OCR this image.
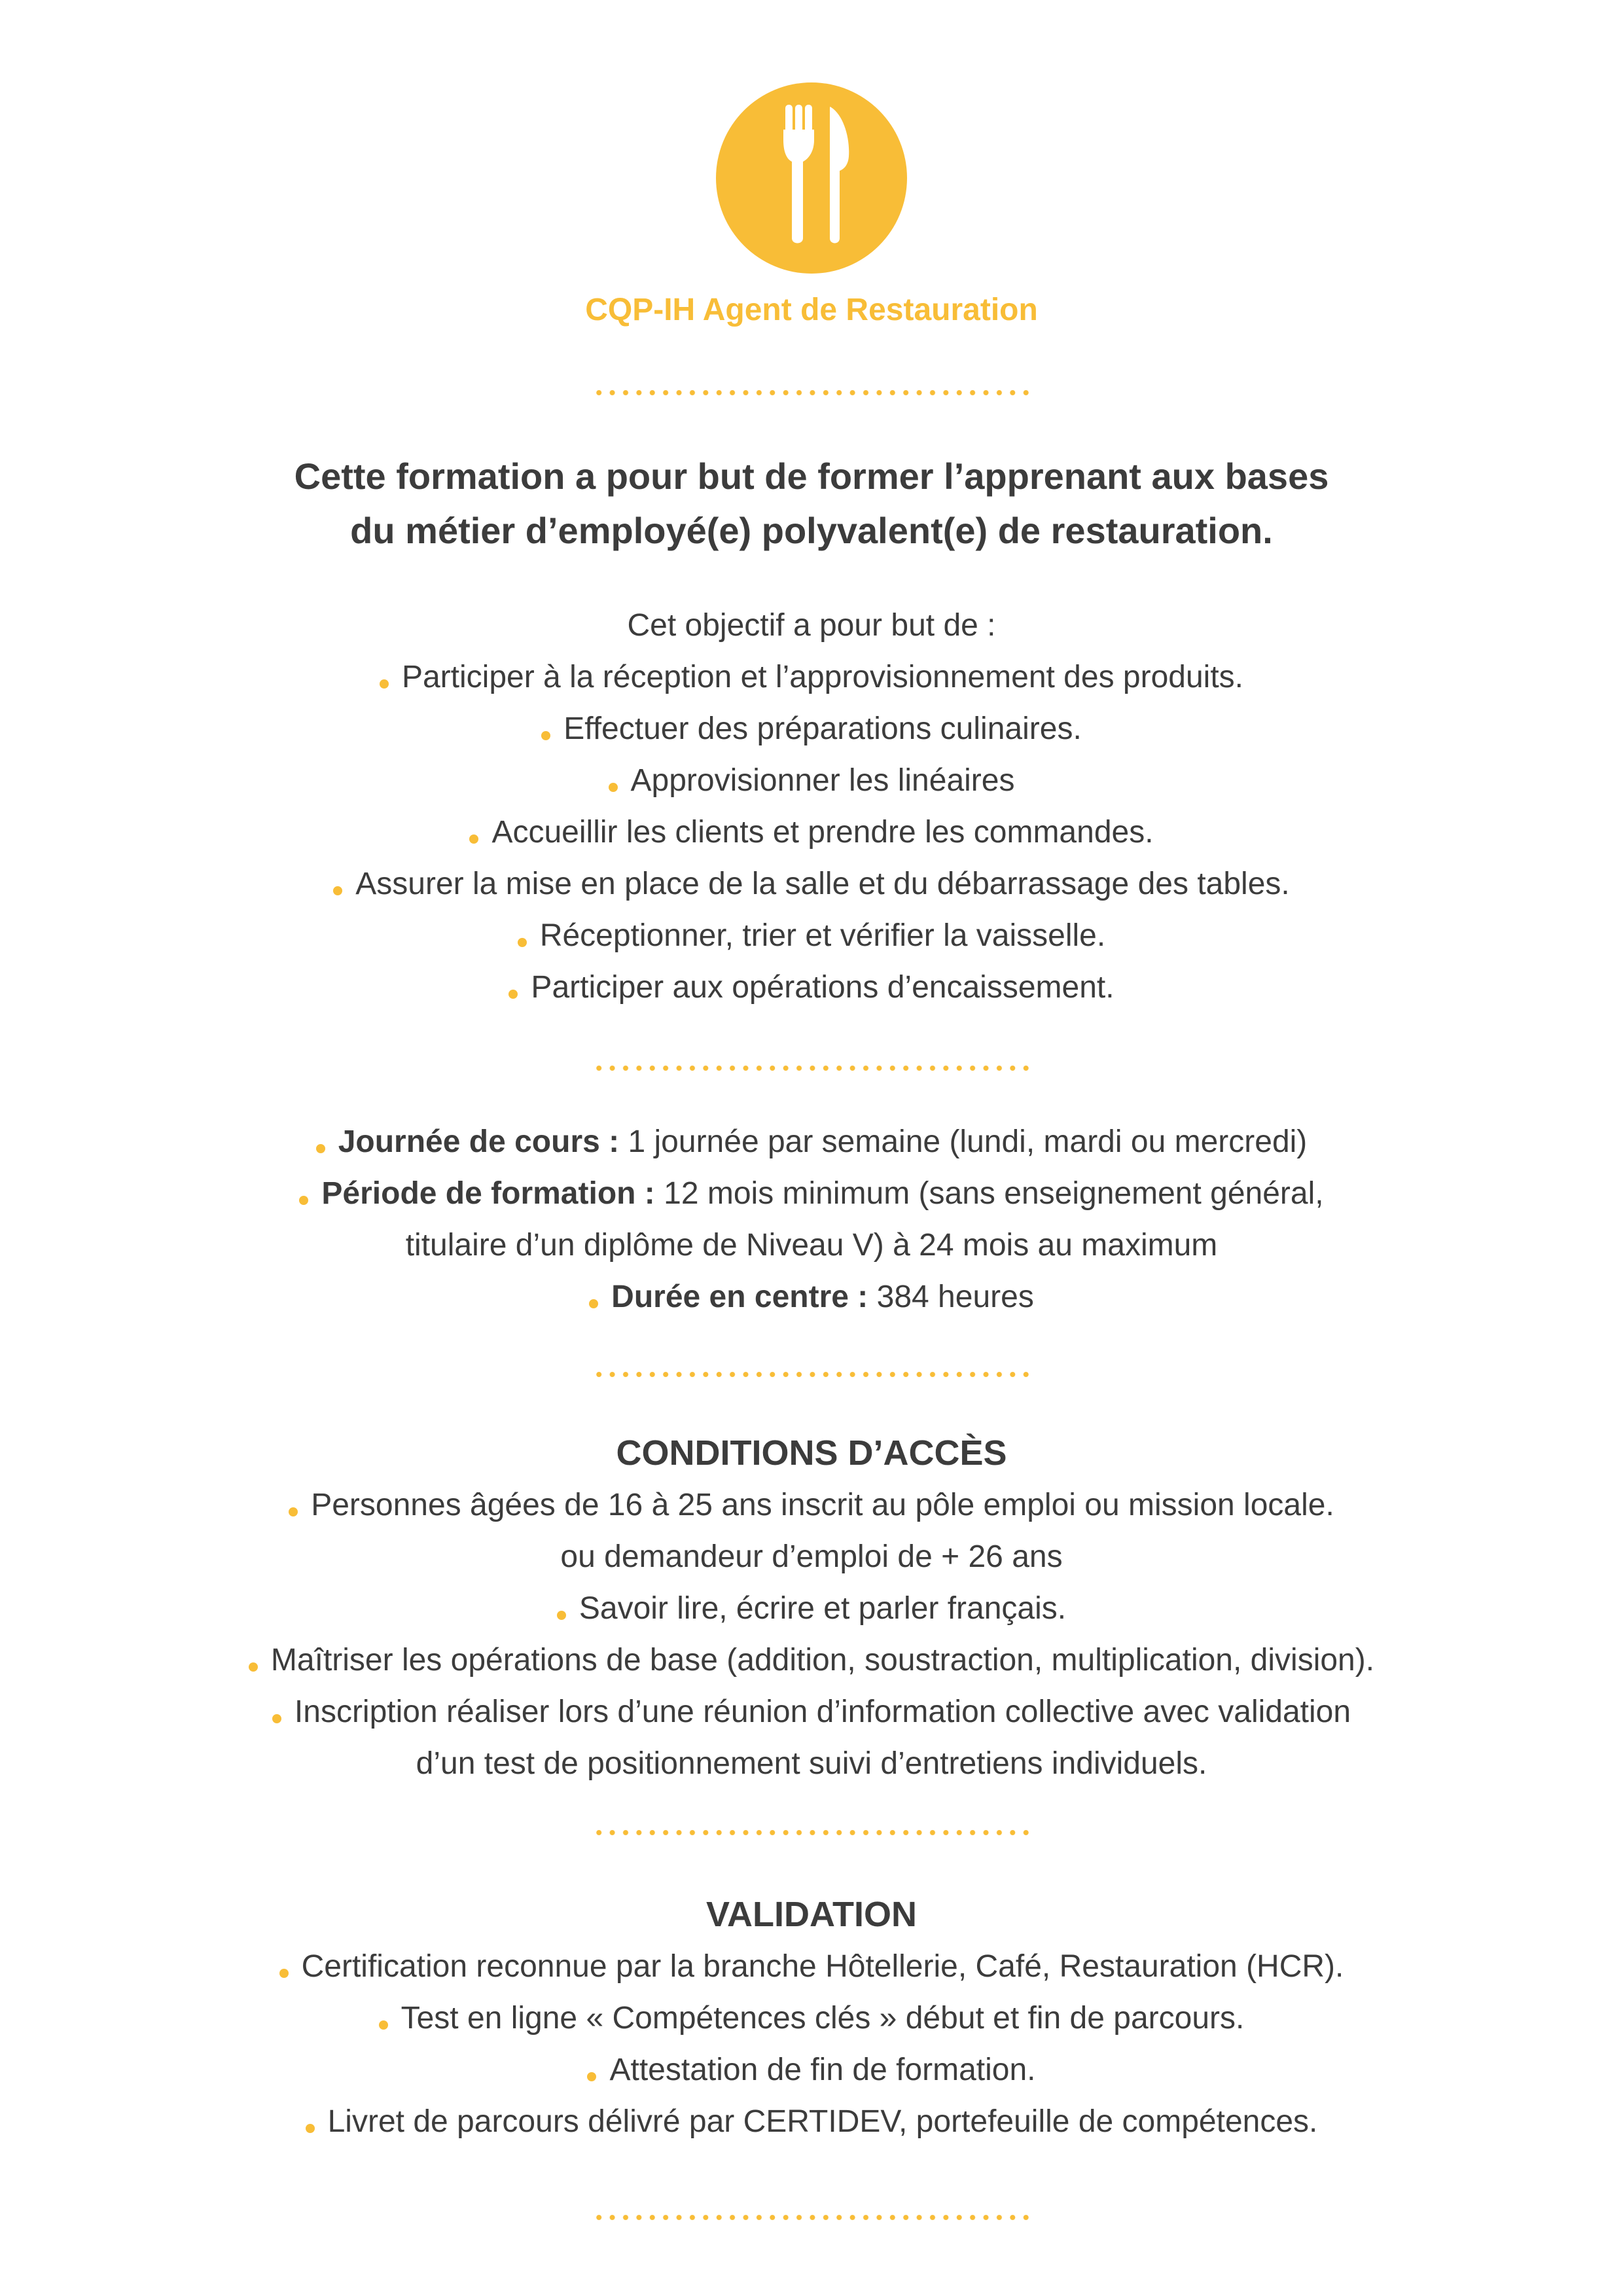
CQP-IH Agent de Restauration
Cette formation a pour but de former l’apprenant aux bases
du métier d’employé(e) polyvalent(e) de restauration.
Cet objectif a pour but de :
Participer à la réception et l’approvisionnement des produits.
Effectuer des préparations culinaires.
Approvisionner les linéaires
Accueillir les clients et prendre les commandes.
Assurer la mise en place de la salle et du débarrassage des tables.
Réceptionner, trier et vérifier la vaisselle.
Participer aux opérations d’encaissement.
Journée de cours : 1 journée par semaine (lundi, mardi ou mercredi)
Période de formation : 12 mois minimum (sans enseignement général,
titulaire d’un diplôme de Niveau V) à 24 mois au maximum
Durée en centre : 384 heures
CONDITIONS D’ACCÈS
Personnes âgées de 16 à 25 ans inscrit au pôle emploi ou mission locale.
ou demandeur d’emploi de + 26 ans
Savoir lire, écrire et parler français.
Maîtriser les opérations de base (addition, soustraction, multiplication, division).
Inscription réaliser lors d’une réunion d’information collective avec validation
d’un test de positionnement suivi d’entretiens individuels.
VALIDATION
Certification reconnue par la branche Hôtellerie, Café, Restauration (HCR).
Test en ligne « Compétences clés » début et fin de parcours.
Attestation de fin de formation.
Livret de parcours délivré par CERTIDEV, portefeuille de compétences.
